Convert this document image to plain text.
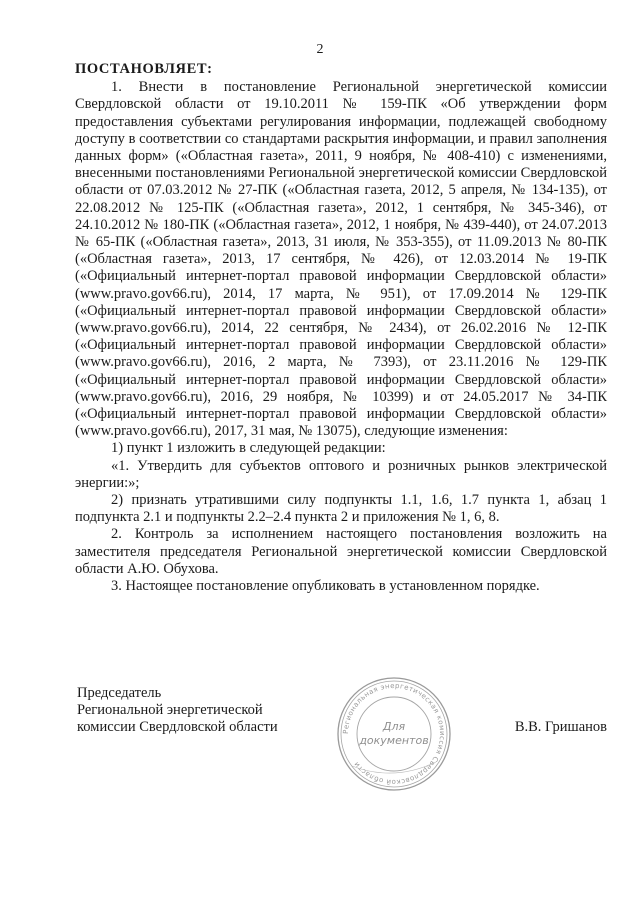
2
ПОСТАНОВЛЯЕТ:

1. Внести в постановление Региональной энергетической комиссии Свердловской области от 19.10.2011 № 159-ПК «Об утверждении форм предоставления субъектами регулирования информации, подлежащей свободному доступу в соответствии со стандартами раскрытия информации, и правил заполнения данных форм» («Областная газета», 2011, 9 ноября, № 408-410) с изменениями, внесенными постановлениями Региональной энергетической комиссии Свердловской области от 07.03.2012 № 27-ПК («Областная газета, 2012, 5 апреля, № 134-135), от 22.08.2012 № 125-ПК («Областная газета», 2012, 1 сентября, № 345-346), от 24.10.2012 № 180-ПК («Областная газета», 2012, 1 ноября, № 439-440), от 24.07.2013 № 65-ПК («Областная газета», 2013, 31 июля, № 353-355), от 11.09.2013 № 80-ПК («Областная газета», 2013, 17 сентября, № 426), от 12.03.2014 № 19-ПК («Официальный интернет-портал правовой информации Свердловской области» (www.pravo.gov66.ru), 2014, 17 марта, № 951), от 17.09.2014 № 129-ПК («Официальный интернет-портал правовой информации Свердловской области» (www.pravo.gov66.ru), 2014, 22 сентября, № 2434), от 26.02.2016 № 12-ПК («Официальный интернет-портал правовой информации Свердловской области» (www.pravo.gov66.ru), 2016, 2 марта, № 7393), от 23.11.2016 № 129-ПК («Официальный интернет-портал правовой информации Свердловской области» (www.pravo.gov66.ru), 2016, 29 ноября, № 10399) и от 24.05.2017 № 34-ПК («Официальный интернет-портал правовой информации Свердловской области» (www.pravo.gov66.ru), 2017, 31 мая, № 13075), следующие изменения:

1) пункт 1 изложить в следующей редакции:

«1. Утвердить для субъектов оптового и розничных рынков электрической энергии:»;

2) признать утратившими силу подпункты 1.1, 1.6, 1.7 пункта 1, абзац 1 подпункта 2.1 и подпункты 2.2–2.4 пункта 2 и приложения № 1, 6, 8.

2. Контроль за исполнением настоящего постановления возложить на заместителя председателя Региональной энергетической комиссии Свердловской области А.Ю. Обухова.

3. Настоящее постановление опубликовать в установленном порядке.

Председатель
Региональной энергетической
комиссии Свердловской области	Региональная энергетическая комиссия Свердловской области
Для
документов
В.В. Гришанов
